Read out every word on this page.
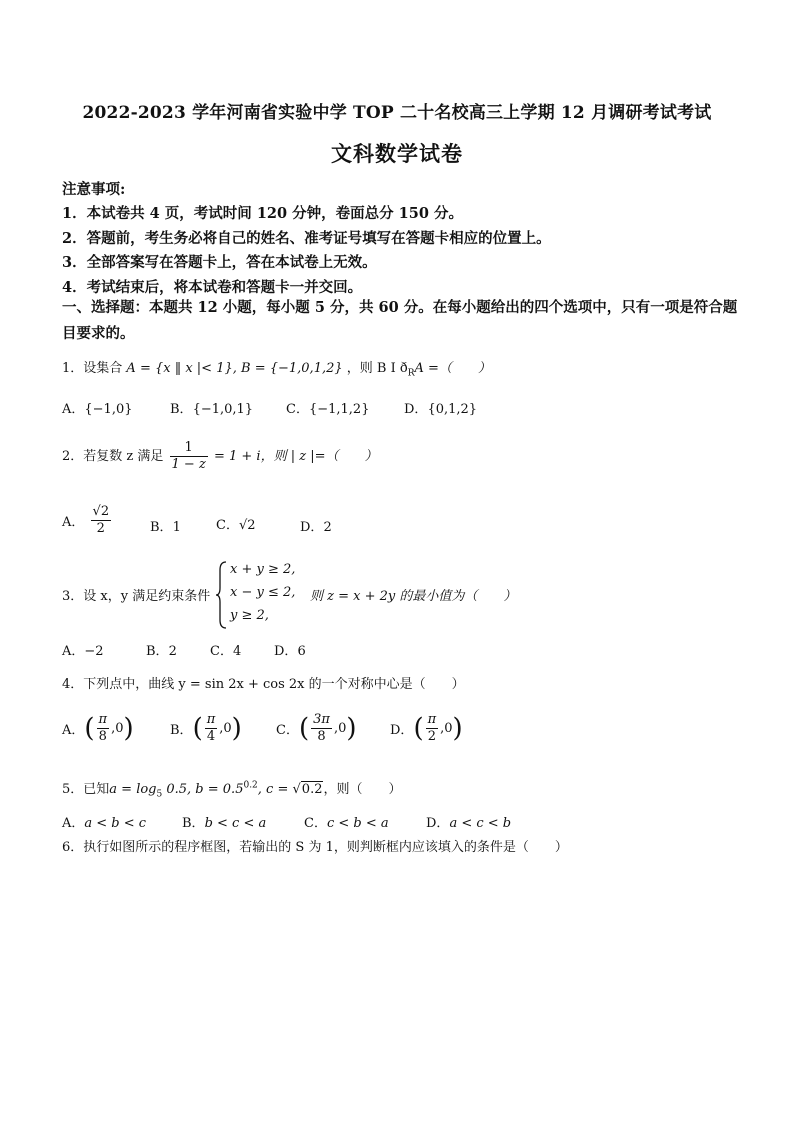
2022-2023 学年河南省实验中学 TOP 二十名校高三上学期 12 月调研考试考试
文科数学试卷
注意事项:
1．本试卷共 4 页，考试时间 120 分钟，卷面总分 150 分。
2．答题前，考生务必将自己的姓名、准考证号填写在答题卡相应的位置上。
3．全部答案写在答题卡上，答在本试卷上无效。
4．考试结束后，将本试卷和答题卡一并交回。
一、选择题：本题共 12 小题，每小题 5 分，共 60 分。在每小题给出的四个选项中，只有一项是符合题目要求的。
1．设集合 A = {x ‖ x |< 1}, B = {−1,0,1,2} ，则 B I $ð_RA$ =（　　）
A．{−1,0}	B．{−1,0,1}	C．{−1,1,2}	D．{0,1,2}
2．若复数 z 满足 $\frac{1}{1 - z} = 1 + i$，则 | z |=（　　）
A． $\frac{√2}{2}$	B．1	C．√2	D．2
3．设 x，y 满足约束条件
x + y ≥ 2,
x − y ≤ 2,
y ≥ 2,
则 z = x + 2y 的最小值为（　　）
A．−2	B．2	C．4	D．6
4．下列点中，曲线 y = sin 2x + cos 2x 的一个对称中心是（　　）
A．( $\frac{\pi}{8} ,0$)	B．( $\frac{\pi}{4} ,0$)	C．( $\frac{3\pi}{8} ,0$)	D．( $\frac{\pi}{2} ,0$)
5．已知$a = \log_5 0.5$, $b = 0.5^{0.2}$, c = √0.2，则（　　）
A．a < b < c	B．b < c < a	C．c < b < a	D．a < c < b
6．执行如图所示的程序框图，若输出的 S 为 1，则判断框内应该填入的条件是（　　）
